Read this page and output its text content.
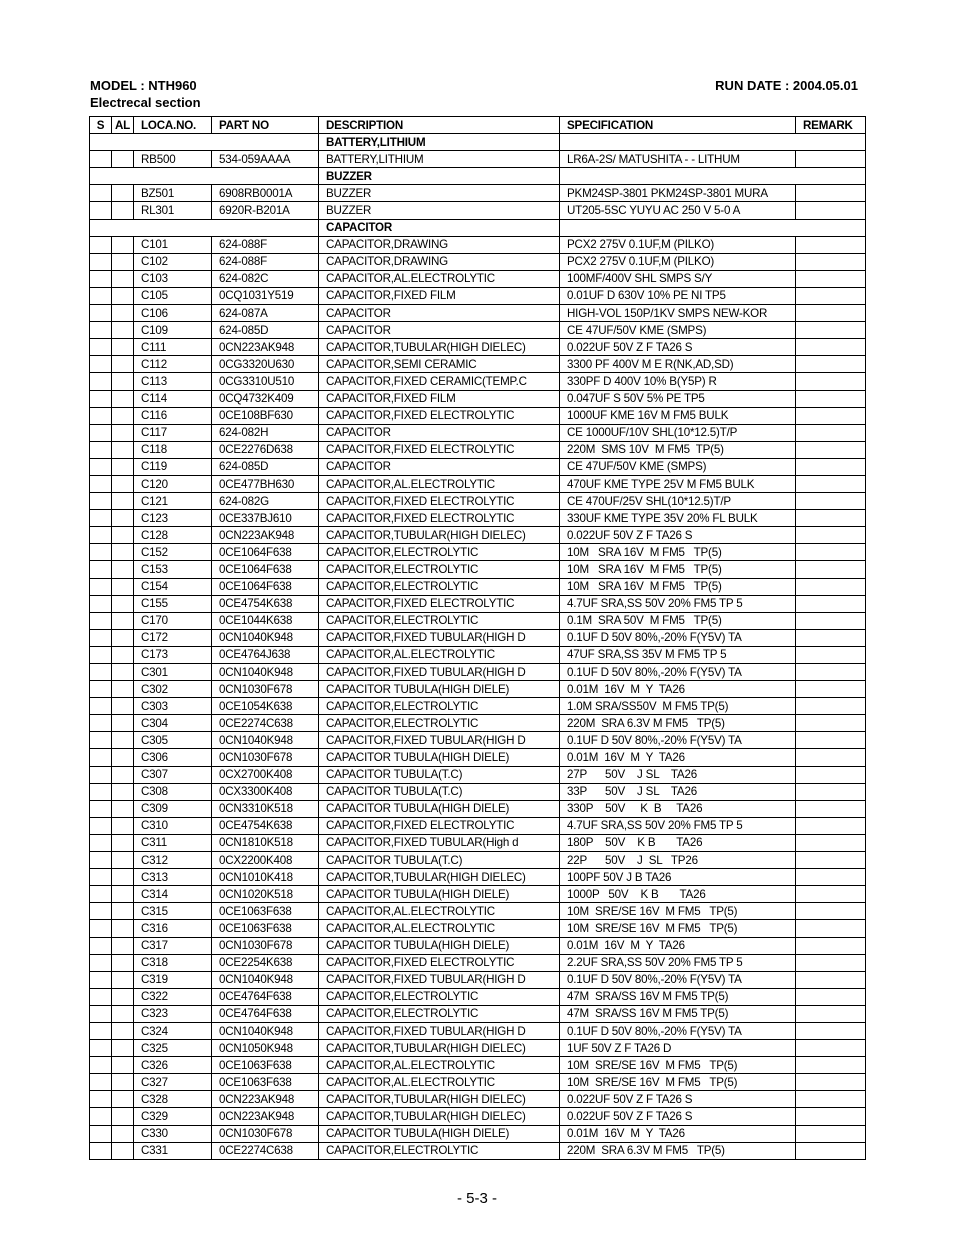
MODEL : NTH960
Electrecal section
RUN DATE : 2004.05.01
S	AL	LOCA.NO.	PART NO	DESCRIPTION	SPECIFICATION	REMARK
				BATTERY,LITHIUM		
		RB500	534-059AAAA	BATTERY,LITHIUM	LR6A-2S/ MATUSHITA - - LITHUM	
				BUZZER		
		BZ501	6908RB0001A	BUZZER	PKM24SP-3801 PKM24SP-3801 MURA	
		RL301	6920R-B201A	BUZZER	UT205-5SC YUYU AC 250 V 5-0 A	
				CAPACITOR		
		C101	624-088F	CAPACITOR,DRAWING	PCX2 275V 0.1UF,M (PILKO)	
		C102	624-088F	CAPACITOR,DRAWING	PCX2 275V 0.1UF,M (PILKO)	
		C103	624-082C	CAPACITOR,AL.ELECTROLYTIC	100MF/400V SHL SMPS S/Y	
		C105	0CQ1031Y519	CAPACITOR,FIXED FILM	0.01UF D 630V 10% PE NI TP5	
		C106	624-087A	CAPACITOR	HIGH-VOL 150P/1KV SMPS NEW-KOR	
		C109	624-085D	CAPACITOR	CE 47UF/50V KME (SMPS)	
		C111	0CN223AK948	CAPACITOR,TUBULAR(HIGH DIELEC)	0.022UF 50V Z F TA26 S	
		C112	0CG3320U630	CAPACITOR,SEMI CERAMIC	3300 PF 400V M E R(NK,AD,SD)	
		C113	0CG3310U510	CAPACITOR,FIXED CERAMIC(TEMP.C	330PF D 400V 10% B(Y5P) R	
		C114	0CQ4732K409	CAPACITOR,FIXED FILM	0.047UF S 50V 5% PE TP5	
		C116	0CE108BF630	CAPACITOR,FIXED ELECTROLYTIC	1000UF KME 16V M FM5 BULK	
		C117	624-082H	CAPACITOR	CE 1000UF/10V SHL(10*12.5)T/P	
		C118	0CE2276D638	CAPACITOR,FIXED ELECTROLYTIC	220M  SMS 10V  M FM5  TP(5)	
		C119	624-085D	CAPACITOR	CE 47UF/50V KME (SMPS)	
		C120	0CE477BH630	CAPACITOR,AL.ELECTROLYTIC	470UF KME TYPE 25V M FM5 BULK	
		C121	624-082G	CAPACITOR,FIXED ELECTROLYTIC	CE 470UF/25V SHL(10*12.5)T/P	
		C123	0CE337BJ610	CAPACITOR,FIXED ELECTROLYTIC	330UF KME TYPE 35V 20% FL BULK	
		C128	0CN223AK948	CAPACITOR,TUBULAR(HIGH DIELEC)	0.022UF 50V Z F TA26 S	
		C152	0CE1064F638	CAPACITOR,ELECTROLYTIC	10M   SRA 16V  M FM5   TP(5)	
		C153	0CE1064F638	CAPACITOR,ELECTROLYTIC	10M   SRA 16V  M FM5   TP(5)	
		C154	0CE1064F638	CAPACITOR,ELECTROLYTIC	10M   SRA 16V  M FM5   TP(5)	
		C155	0CE4754K638	CAPACITOR,FIXED ELECTROLYTIC	4.7UF SRA,SS 50V 20% FM5 TP 5	
		C170	0CE1044K638	CAPACITOR,ELECTROLYTIC	0.1M  SRA 50V  M FM5   TP(5)	
		C172	0CN1040K948	CAPACITOR,FIXED TUBULAR(HIGH D	0.1UF D 50V 80%,-20% F(Y5V) TA	
		C173	0CE4764J638	CAPACITOR,AL.ELECTROLYTIC	47UF SRA,SS 35V M FM5 TP 5	
		C301	0CN1040K948	CAPACITOR,FIXED TUBULAR(HIGH D	0.1UF D 50V 80%,-20% F(Y5V) TA	
		C302	0CN1030F678	CAPACITOR TUBULA(HIGH DIELE)	0.01M  16V  M  Y  TA26	
		C303	0CE1054K638	CAPACITOR,ELECTROLYTIC	1.0M SRA/SS50V  M FM5 TP(5)	
		C304	0CE2274C638	CAPACITOR,ELECTROLYTIC	220M  SRA 6.3V M FM5   TP(5)	
		C305	0CN1040K948	CAPACITOR,FIXED TUBULAR(HIGH D	0.1UF D 50V 80%,-20% F(Y5V) TA	
		C306	0CN1030F678	CAPACITOR TUBULA(HIGH DIELE)	0.01M  16V  M  Y  TA26	
		C307	0CX2700K408	CAPACITOR TUBULA(T.C)	27P      50V    J SL    TA26	
		C308	0CX3300K408	CAPACITOR TUBULA(T.C)	33P      50V    J SL    TA26	
		C309	0CN3310K518	CAPACITOR TUBULA(HIGH DIELE)	330P    50V     K  B     TA26	
		C310	0CE4754K638	CAPACITOR,FIXED ELECTROLYTIC	4.7UF SRA,SS 50V 20% FM5 TP 5	
		C311	0CN1810K518	CAPACITOR,FIXED TUBULAR(High d	180P    50V    K B       TA26	
		C312	0CX2200K408	CAPACITOR TUBULA(T.C)	22P      50V    J  SL   TP26	
		C313	0CN1010K418	CAPACITOR,TUBULAR(HIGH DIELEC)	100PF 50V J B TA26	
		C314	0CN1020K518	CAPACITOR TUBULA(HIGH DIELE)	1000P   50V    K B       TA26	
		C315	0CE1063F638	CAPACITOR,AL.ELECTROLYTIC	10M  SRE/SE 16V  M FM5   TP(5)	
		C316	0CE1063F638	CAPACITOR,AL.ELECTROLYTIC	10M  SRE/SE 16V  M FM5   TP(5)	
		C317	0CN1030F678	CAPACITOR TUBULA(HIGH DIELE)	0.01M  16V  M  Y  TA26	
		C318	0CE2254K638	CAPACITOR,FIXED ELECTROLYTIC	2.2UF SRA,SS 50V 20% FM5 TP 5	
		C319	0CN1040K948	CAPACITOR,FIXED TUBULAR(HIGH D	0.1UF D 50V 80%,-20% F(Y5V) TA	
		C322	0CE4764F638	CAPACITOR,ELECTROLYTIC	47M  SRA/SS 16V M FM5 TP(5)	
		C323	0CE4764F638	CAPACITOR,ELECTROLYTIC	47M  SRA/SS 16V M FM5 TP(5)	
		C324	0CN1040K948	CAPACITOR,FIXED TUBULAR(HIGH D	0.1UF D 50V 80%,-20% F(Y5V) TA	
		C325	0CN1050K948	CAPACITOR,TUBULAR(HIGH DIELEC)	1UF 50V Z F TA26 D	
		C326	0CE1063F638	CAPACITOR,AL.ELECTROLYTIC	10M  SRE/SE 16V  M FM5   TP(5)	
		C327	0CE1063F638	CAPACITOR,AL.ELECTROLYTIC	10M  SRE/SE 16V  M FM5   TP(5)	
		C328	0CN223AK948	CAPACITOR,TUBULAR(HIGH DIELEC)	0.022UF 50V Z F TA26 S	
		C329	0CN223AK948	CAPACITOR,TUBULAR(HIGH DIELEC)	0.022UF 50V Z F TA26 S	
		C330	0CN1030F678	CAPACITOR TUBULA(HIGH DIELE)	0.01M  16V  M  Y  TA26	
		C331	0CE2274C638	CAPACITOR,ELECTROLYTIC	220M  SRA 6.3V M FM5   TP(5)	
- 5-3 -
